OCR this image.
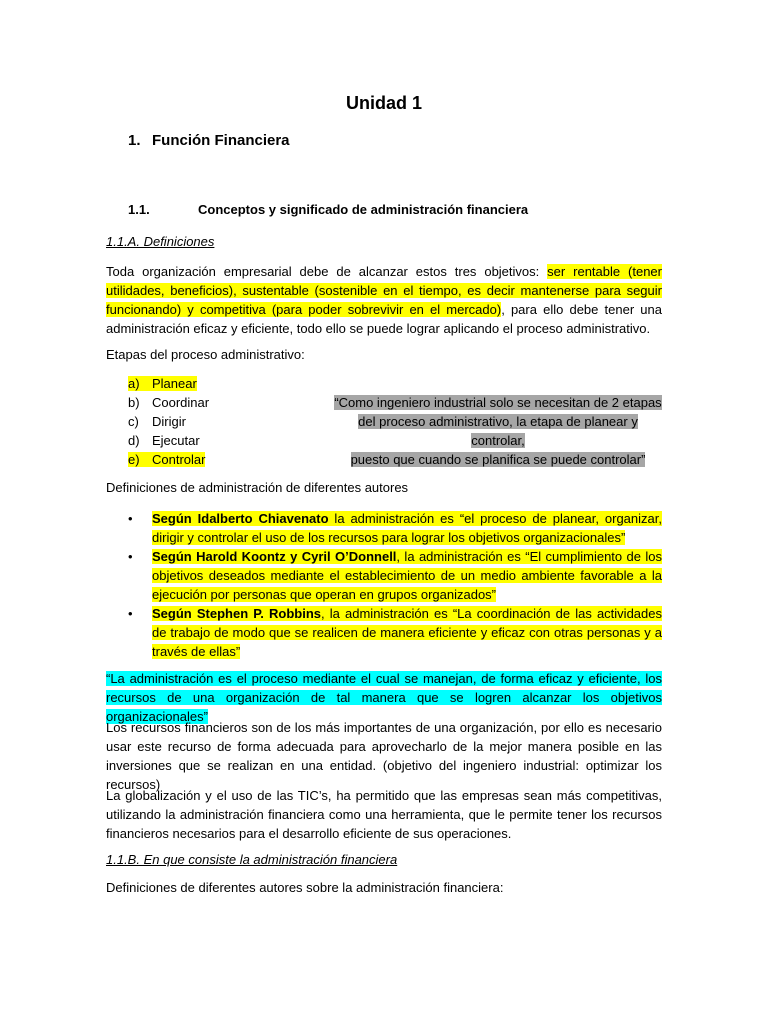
Unidad 1
1. Función Financiera
1.1.	Conceptos y significado de administración financiera
1.1.A. Definiciones
Toda organización empresarial debe de alcanzar estos tres objetivos: ser rentable (tener utilidades, beneficios), sustentable (sostenible en el tiempo, es decir mantenerse para seguir funcionando) y competitiva (para poder sobrevivir en el mercado), para ello debe tener una administración eficaz y eficiente, todo ello se puede lograr aplicando el proceso administrativo.
Etapas del proceso administrativo:
a) Planear
b) Coordinar
c) Dirigir
d) Ejecutar
e) Controlar
“Como ingeniero industrial solo se necesitan de 2 etapas
del proceso administrativo, la etapa de planear y controlar,
puesto que cuando se planifica se puede controlar”
Definiciones de administración de diferentes autores
• Según Idalberto Chiavenato la administración es “el proceso de planear, organizar, dirigir y controlar el uso de los recursos para lograr los objetivos organizacionales”
• Según Harold Koontz y Cyril O’Donnell, la administración es “El cumplimiento de los objetivos deseados mediante el establecimiento de un medio ambiente favorable a la ejecución por personas que operan en grupos organizados”
• Según Stephen P. Robbins, la administración es “La coordinación de las actividades de trabajo de modo que se realicen de manera eficiente y eficaz con otras personas y a través de ellas”
“La administración es el proceso mediante el cual se manejan, de forma eficaz y eficiente, los recursos de una organización de tal manera que se logren alcanzar los objetivos organizacionales”
Los recursos financieros son de los más importantes de una organización, por ello es necesario usar este recurso de forma adecuada para aprovecharlo de la mejor manera posible en las inversiones que se realizan en una entidad. (objetivo del ingeniero industrial: optimizar los recursos)
La globalización y el uso de las TIC’s, ha permitido que las empresas sean más competitivas, utilizando la administración financiera como una herramienta, que le permite tener los recursos financieros necesarios para el desarrollo eficiente de sus operaciones.
1.1.B. En que consiste la administración financiera
Definiciones de diferentes autores sobre la administración financiera:
